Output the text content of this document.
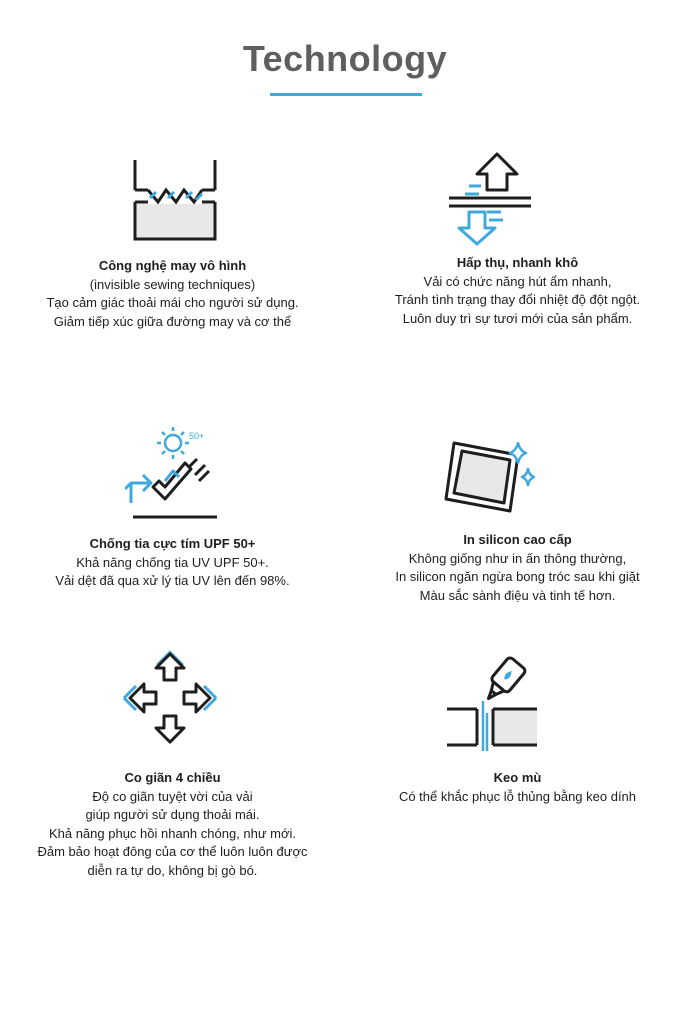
Technology
Công nghệ may vô hình
(invisible sewing techniques)
Tạo cảm giác thoải mái cho người sử dụng.
Giảm tiếp xúc giữa đường may và cơ thể
Hấp thụ, nhanh khô
Vải có chức năng hút ẩm nhanh,
Tránh tình trạng thay đổi nhiệt độ đột ngột.
Luôn duy trì sự tươi mới của sản phẩm.
50+
Chống tia cực tím UPF 50+
Khả năng chống tia UV UPF 50+.
Vải dệt đã qua xử lý tia UV lên đến 98%.
In silicon cao cấp
Không giống như in ấn thông thường,
In silicon ngăn ngừa bong tróc sau khi giặt
Màu sắc sành điệu và tinh tế hơn.
Co giãn 4 chiều
Độ co giãn tuyệt vời của vải
giúp người sử dụng thoải mái.
Khả năng phục hồi nhanh chóng, như mới.
Đảm bảo hoạt đông của cơ thể luôn luôn được
diễn ra tự do, không bị gò bó.
Keo mù
Có thể khắc phục lỗ thủng bằng keo dính
